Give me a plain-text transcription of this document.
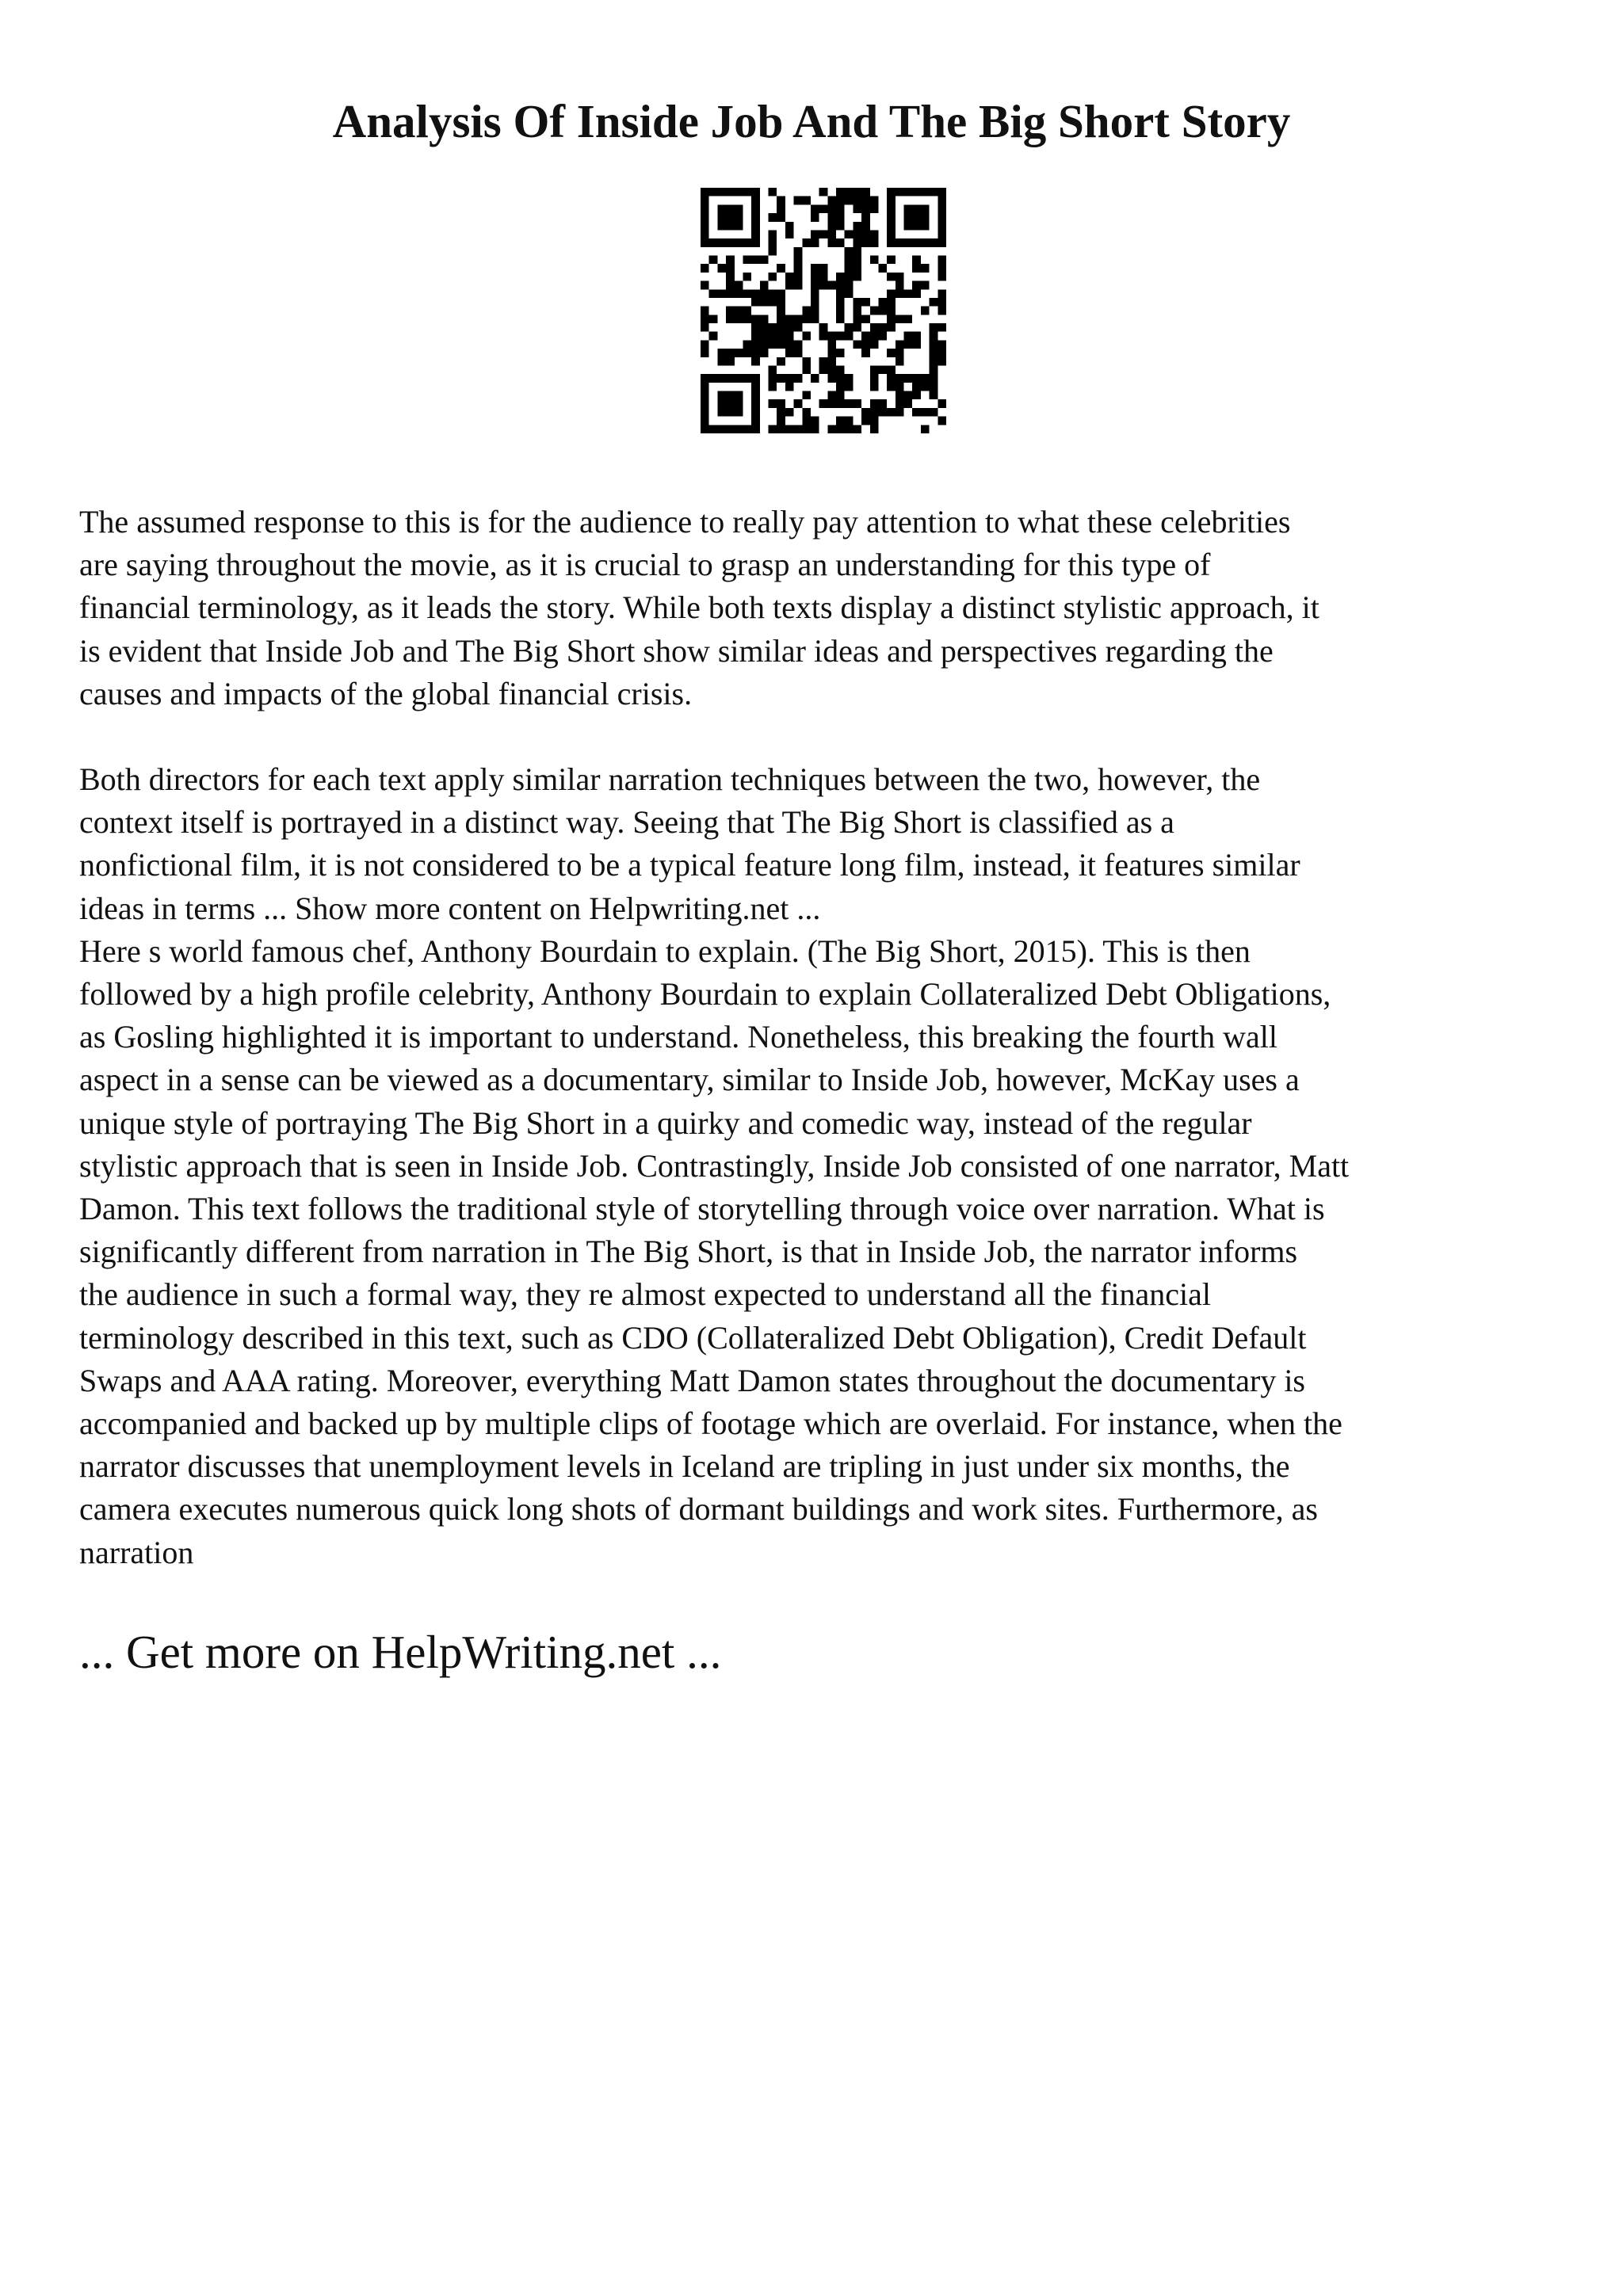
Analysis Of Inside Job And The Big Short Story

The assumed response to this is for the audience to really pay attention to what these celebrities
are saying throughout the movie, as it is crucial to grasp an understanding for this type of
financial terminology, as it leads the story. While both texts display a distinct stylistic approach, it
is evident that Inside Job and The Big Short show similar ideas and perspectives regarding the
causes and impacts of the global financial crisis.

Both directors for each text apply similar narration techniques between the two, however, the
context itself is portrayed in a distinct way. Seeing that The Big Short is classified as a
nonfictional film, it is not considered to be a typical feature long film, instead, it features similar
ideas in terms ... Show more content on Helpwriting.net ...

Here s world famous chef, Anthony Bourdain to explain. (The Big Short, 2015). This is then
followed by a high profile celebrity, Anthony Bourdain to explain Collateralized Debt Obligations,
as Gosling highlighted it is important to understand. Nonetheless, this breaking the fourth wall
aspect in a sense can be viewed as a documentary, similar to Inside Job, however, McKay uses a
unique style of portraying The Big Short in a quirky and comedic way, instead of the regular
stylistic approach that is seen in Inside Job. Contrastingly, Inside Job consisted of one narrator, Matt
Damon. This text follows the traditional style of storytelling through voice over narration. What is
significantly different from narration in The Big Short, is that in Inside Job, the narrator informs
the audience in such a formal way, they re almost expected to understand all the financial
terminology described in this text, such as CDO (Collateralized Debt Obligation), Credit Default
Swaps and AAA rating. Moreover, everything Matt Damon states throughout the documentary is
accompanied and backed up by multiple clips of footage which are overlaid. For instance, when the
narrator discusses that unemployment levels in Iceland are tripling in just under six months, the
camera executes numerous quick long shots of dormant buildings and work sites. Furthermore, as
narration

... Get more on HelpWriting.net ...
